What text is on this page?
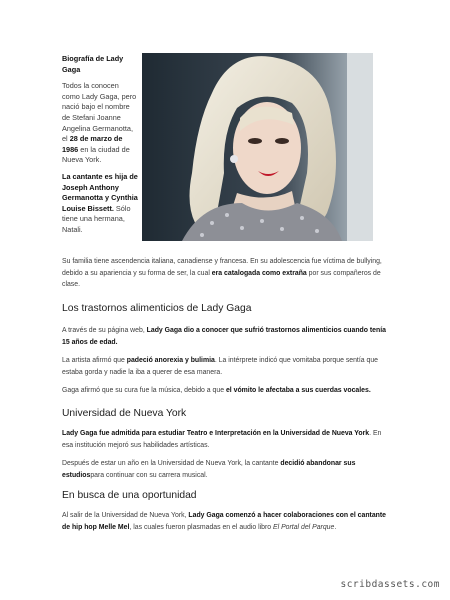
Biografía de Lady Gaga

Todos la conocen como Lady Gaga, pero nació bajo el nombre de Stefani Joanne Angelina Germanotta, el 28 de marzo de 1986 en la ciudad de Nueva York.

La cantante es hija de Joseph Anthony Germanotta y Cynthia Louise Bissett. Sólo tiene una hermana, Natali.

Su familia tiene ascendencia italiana, canadiense y francesa. En su adolescencia fue víctima de bullying, debido a su apariencia y su forma de ser, la cual era catalogada como extraña por sus compañeros de clase.

Los trastornos alimenticios de Lady Gaga

A través de su página web, Lady Gaga dio a conocer que sufrió trastornos alimenticios cuando tenía 15 años de edad.

La artista afirmó que padeció anorexia y bulimia. La intérprete indicó que vomitaba porque sentía que estaba gorda y nadie la iba a querer de esa manera.

Gaga afirmó que su cura fue la música, debido a que el vómito le afectaba a sus cuerdas vocales.

Universidad de Nueva York

Lady Gaga fue admitida para estudiar Teatro e Interpretación en la Universidad de Nueva York. En esa institución mejoró sus habilidades artísticas.

Después de estar un año en la Universidad de Nueva York, la cantante decidió abandonar sus estudiospara continuar con su carrera musical.

En busca de una oportunidad

Al salir de la Universidad de Nueva York, Lady Gaga comenzó a hacer colaboraciones con el cantante de hip hop Melle Mel, las cuales fueron plasmadas en el audio libro El Portal del Parque.

scribdassets.com
